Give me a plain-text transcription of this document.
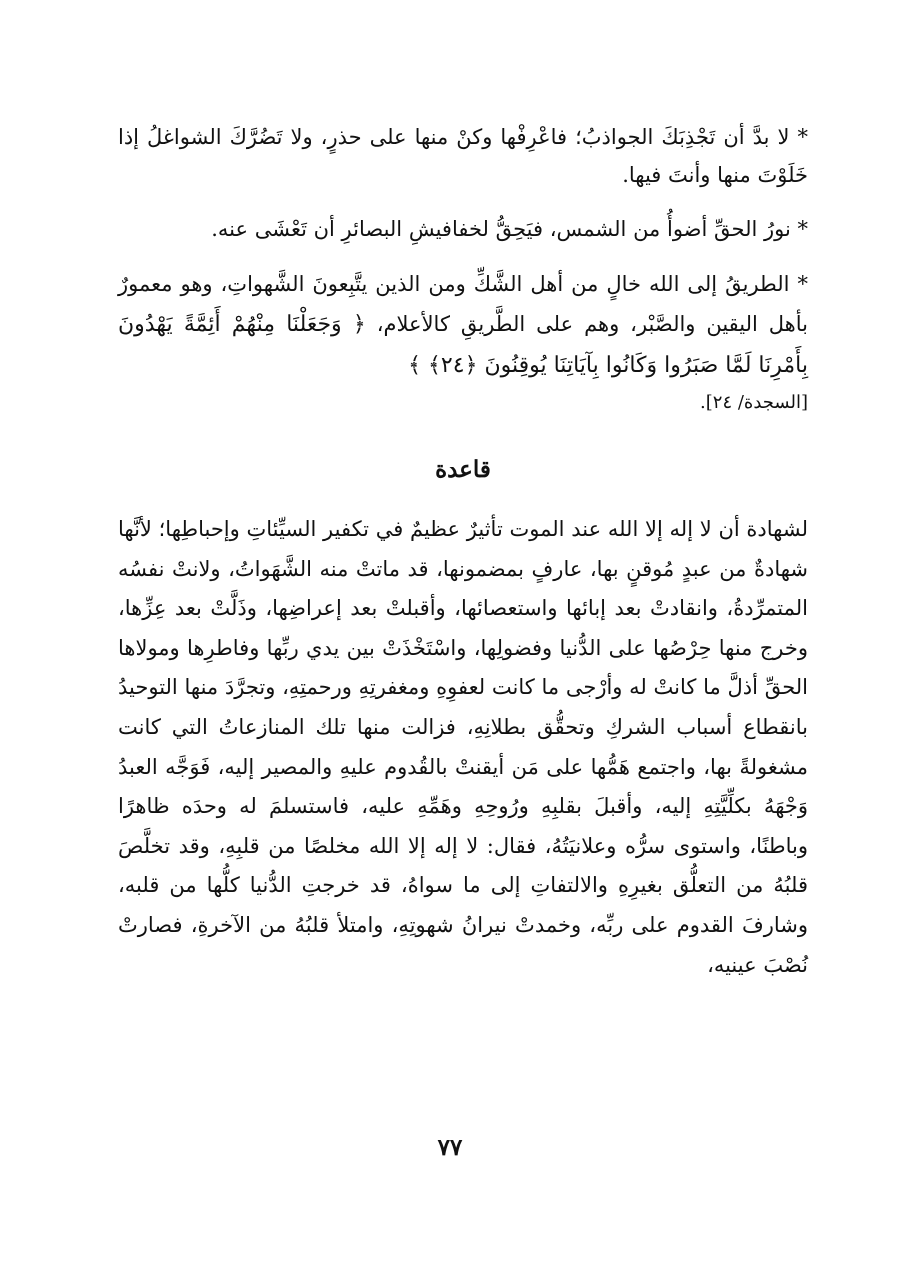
* لا بدَّ أن تَجْذِبَكَ الجواذبُ؛ فاعْرِفْها وكنْ منها على حذرٍ، ولا تَضُرَّكَ الشواغلُ إذا خَلَوْتَ منها وأنتَ فيها.

* نورُ الحقِّ أضوأُ من الشمس، فيَحِقُّ لخفافيشِ البصائرِ أن تَعْشَى عنه.

* الطريقُ إلى الله خالٍ من أهل الشَّكِّ ومن الذين يتَّبِعونَ الشَّهواتِ، وهو معمورٌ بأهل اليقين والصَّبْر، وهم على الطَّريقِ كالأعلام، ﴿ وَجَعَلْنَا مِنْهُمْ أَئِمَّةً يَهْدُونَ بِأَمْرِنَا لَمَّا صَبَرُوا وَكَانُوا بِآيَاتِنَا يُوقِنُونَ ﴿٢٤﴾ ﴾
[السجدة/ ٢٤].

قاعدة

لشهادة أن لا إله إلا الله عند الموت تأثيرٌ عظيمٌ في تكفير السيِّئاتِ وإحباطِها؛ لأنَّها شهادةٌ من عبدٍ مُوقنٍ بها، عارفٍ بمضمونها، قد ماتتْ منه الشَّهَواتُ، ولانتْ نفسُه المتمرِّدةُ، وانقادتْ بعد إبائها واستعصائها، وأقبلتْ بعد إعراضِها، وذَلَّتْ بعد عِزِّها، وخرج منها حِرْصُها على الدُّنيا وفضولِها، واسْتَخْذَتْ بين يدي ربِّها وفاطرِها ومولاها الحقِّ أذلَّ ما كانتْ له وأرْجى ما كانت لعفوِهِ ومغفرتِهِ ورحمتِهِ، وتجرَّدَ منها التوحيدُ بانقطاع أسباب الشركِ وتحقُّق بطلانِهِ، فزالت منها تلك المنازعاتُ التي كانت مشغولةً بها، واجتمع هَمُّها على مَن أيقنتْ بالقُدوم عليهِ والمصير إليه، فَوَجَّه العبدُ وَجْهَهُ بكلِّيَّتِهِ إليه، وأقبلَ بقلبِهِ ورُوحِهِ وهَمِّهِ عليه، فاستسلمَ له وحدَه ظاهرًا وباطنًا، واستوى سرُّه وعلانيَتُهُ، فقال: لا إله إلا الله مخلصًا من قلبِهِ، وقد تخلَّصَ قلبُهُ من التعلُّق بغيرِهِ والالتفاتِ إلى ما سواهُ، قد خرجتِ الدُّنيا كلُّها من قلبه، وشارفَ القدوم على ربِّه، وخمدتْ نيرانُ شهوتِهِ، وامتلأ قلبُهُ من الآخرةِ، فصارتْ نُصْبَ عينيه،

٧٧
